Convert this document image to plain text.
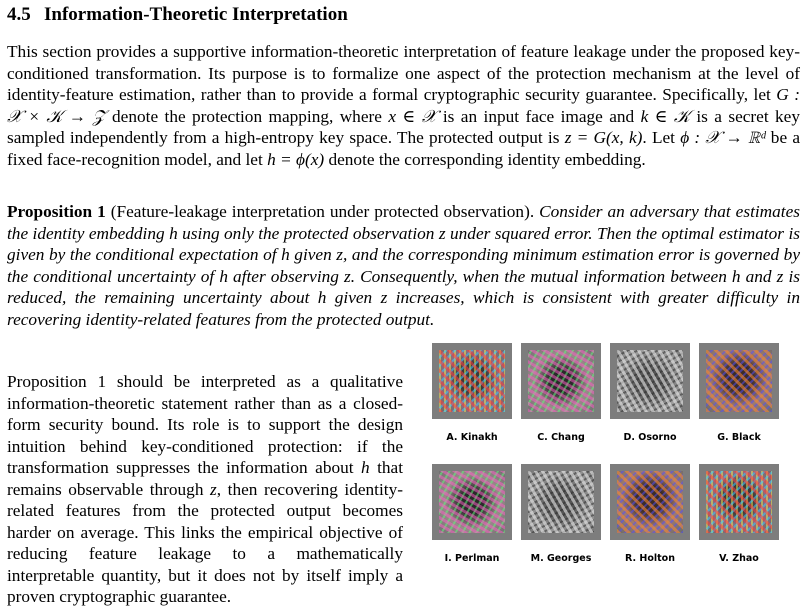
4.5 Information-Theoretic Interpretation

This section provides a supportive information-theoretic interpretation of feature leakage under the proposed key-conditioned transformation. Its purpose is to formalize one aspect of the protection mechanism at the level of identity-feature estimation, rather than to provide a formal cryptographic security guarantee. Specifically, let G : 𝒳 × 𝒦 → 𝒵 denote the protection mapping, where x ∈ 𝒳 is an input face image and k ∈ 𝒦 is a secret key sampled independently from a high-entropy key space. The protected output is z = G(x, k). Let ϕ : 𝒳 → ℝᵈ be a fixed face-recognition model, and let h = ϕ(x) denote the corresponding identity embedding.

Proposition 1 (Feature-leakage interpretation under protected observation). Consider an adversary that estimates the identity embedding h using only the protected observation z under squared error. Then the optimal estimator is given by the conditional expectation of h given z, and the corresponding minimum estimation error is governed by the conditional uncertainty of h after observing z. Consequently, when the mutual information between h and z is reduced, the remaining uncertainty about h given z increases, which is consistent with greater difficulty in recovering identity-related features from the protected output.

Proposition 1 should be interpreted as a qualitative information-theoretic statement rather than as a closed-form security bound. Its role is to support the design intuition behind key-conditioned protection: if the transformation suppresses the information about h that remains observable through z, then recovering identity-related features from the protected output becomes harder on average. This links the empirical objective of reducing feature leakage to a mathematically interpretable quantity, but it does not by itself imply a proven cryptographic guarantee.

A. Kinakh	C. Chang	D. Osorno	G. Black
I. Perlman	M. Georges	R. Holton	V. Zhao
